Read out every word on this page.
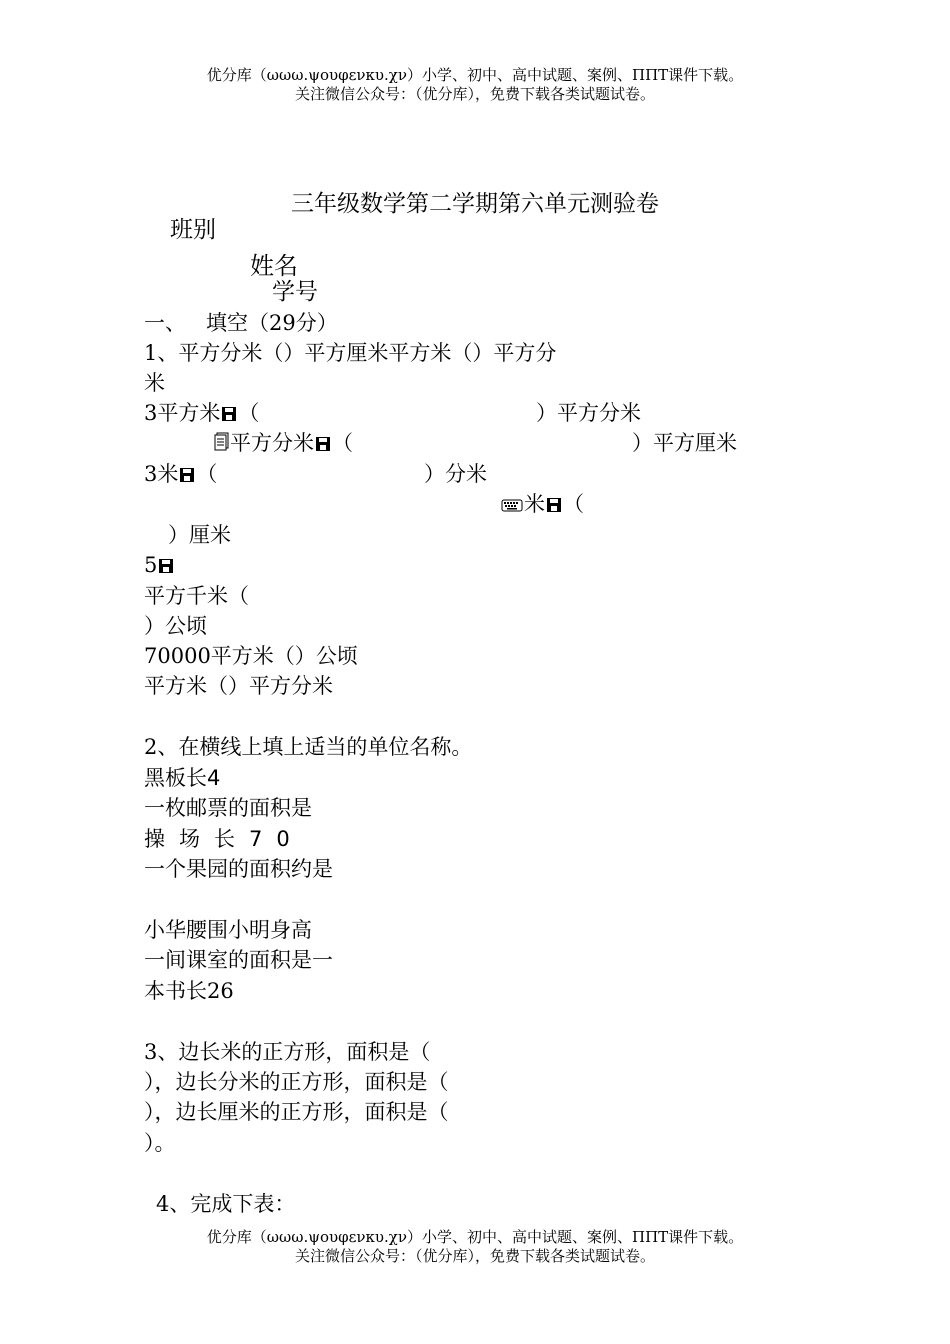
优分库（ωωω.ψουφενκυ.χν）小学、初中、高中试题、案例、ΠΠΤ课件下载。
关注微信公众号：（优分库），免费下载各类试题试卷。
三年级数学第二学期第六单元测验卷
班别
姓名
学号
一、 填空（29分）
1、平方分米（）平方厘米平方米（）平方分
米
3平方米 （	）平方分米
平方分米 （	）平方厘米
3米 （	）分米
米 （
）厘米
5
平方千米（
）公顷
70000平方米（）公顷
平方米（）平方分米
2、在横线上填上适当的单位名称。
黑板长4
一枚邮票的面积是
操场长70
一个果园的面积约是
小华腰围小明身高
一间课室的面积是一
本书长26
3、边长米的正方形，面积是（
），边长分米的正方形，面积是（
），边长厘米的正方形，面积是（
）。
4、完成下表：
优分库（ωωω.ψουφενκυ.χν）小学、初中、高中试题、案例、ΠΠΤ课件下载。
关注微信公众号：（优分库），免费下载各类试题试卷。
